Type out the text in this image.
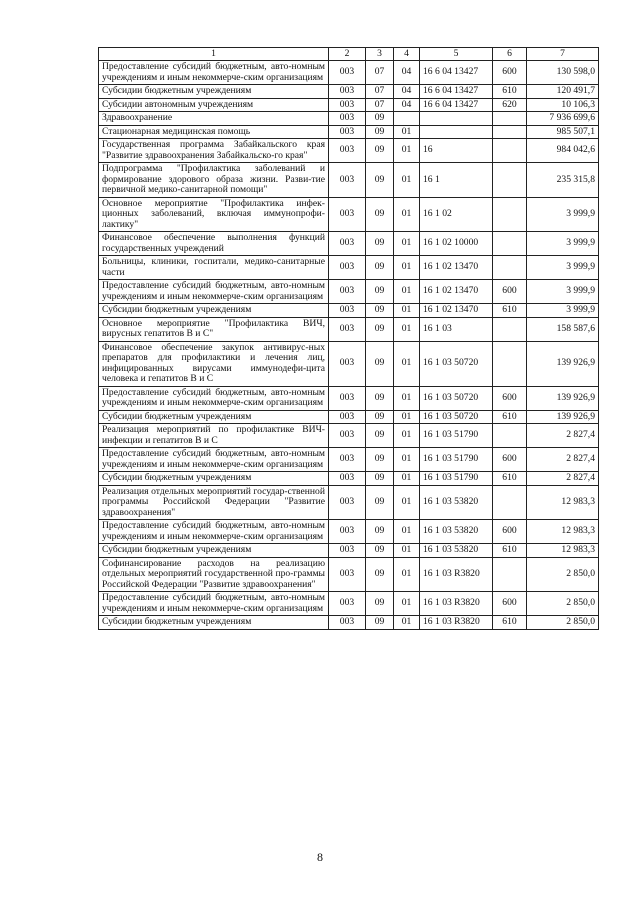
1	2	3	4	5	6	7
Предоставление субсидий бюджетным, авто-номным учреждениям и иным некоммерче-ским организациям	003	07	04	16 6 04 13427	600	130 598,0
Субсидии бюджетным учреждениям	003	07	04	16 6 04 13427	610	120 491,7
Субсидии автономным учреждениям	003	07	04	16 6 04 13427	620	10 106,3
Здравоохранение	003	09				7 936 699,6
Стационарная медицинская помощь	003	09	01			985 507,1
Государственная программа Забайкальского края "Развитие здравоохранения Забайкальско-го края"	003	09	01	16		984 042,6
Подпрограмма "Профилактика заболеваний и формирование здорового образа жизни. Разви-тие первичной медико-санитарной помощи"	003	09	01	16 1		235 315,8
Основное мероприятие "Профилактика инфек-ционных заболеваний, включая иммунопрофи-лактику"	003	09	01	16 1 02		3 999,9
Финансовое обеспечение выполнения функций государственных учреждений	003	09	01	16 1 02 10000		3 999,9
Больницы, клиники, госпитали, медико-санитарные части	003	09	01	16 1 02 13470		3 999,9
Предоставление субсидий бюджетным, авто-номным учреждениям и иным некоммерче-ским организациям	003	09	01	16 1 02 13470	600	3 999,9
Субсидии бюджетным учреждениям	003	09	01	16 1 02 13470	610	3 999,9
Основное мероприятие "Профилактика ВИЧ, вирусных гепатитов В и С"	003	09	01	16 1 03		158 587,6
Финансовое обеспечение закупок антивирус-ных препаратов для профилактики и лечения лиц, инфицированных вирусами иммунодефи-цита человека и гепатитов В и С	003	09	01	16 1 03 50720		139 926,9
Предоставление субсидий бюджетным, авто-номным учреждениям и иным некоммерче-ским организациям	003	09	01	16 1 03 50720	600	139 926,9
Субсидии бюджетным учреждениям	003	09	01	16 1 03 50720	610	139 926,9
Реализация мероприятий по профилактике ВИЧ-инфекции и гепатитов В и С	003	09	01	16 1 03 51790		2 827,4
Предоставление субсидий бюджетным, авто-номным учреждениям и иным некоммерче-ским организациям	003	09	01	16 1 03 51790	600	2 827,4
Субсидии бюджетным учреждениям	003	09	01	16 1 03 51790	610	2 827,4
Реализация отдельных мероприятий государ-ственной программы Российской Федерации "Развитие здравоохранения"	003	09	01	16 1 03 53820		12 983,3
Предоставление субсидий бюджетным, авто-номным учреждениям и иным некоммерче-ским организациям	003	09	01	16 1 03 53820	600	12 983,3
Субсидии бюджетным учреждениям	003	09	01	16 1 03 53820	610	12 983,3
Софинансирование расходов на реализацию отдельных мероприятий государственной про-граммы Российской Федерации "Развитие здравоохранения"	003	09	01	16 1 03 R3820		2 850,0
Предоставление субсидий бюджетным, авто-номным учреждениям и иным некоммерче-ским организациям	003	09	01	16 1 03 R3820	600	2 850,0
Субсидии бюджетным учреждениям	003	09	01	16 1 03 R3820	610	2 850,0
8
